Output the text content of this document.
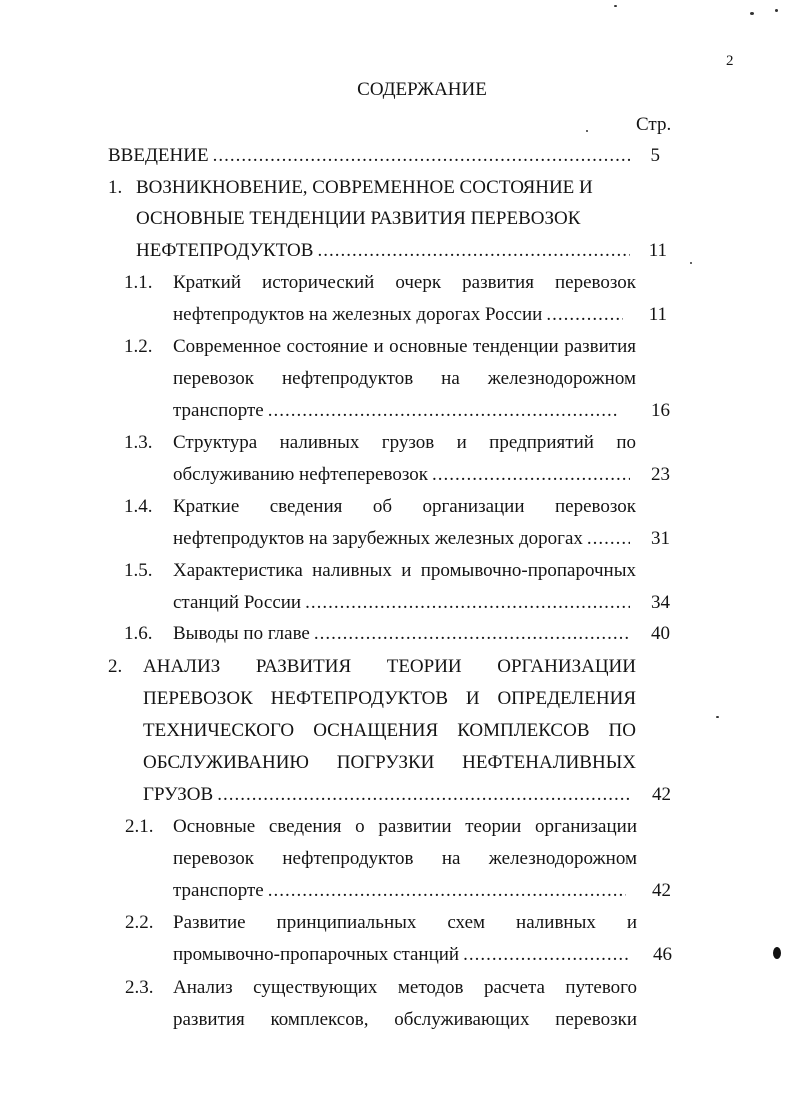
2
СОДЕРЖАНИЕ
Стр.
ВВЕДЕНИЕ .....	5
1. ВОЗНИКНОВЕНИЕ, СОВРЕМЕННОЕ СОСТОЯНИЕ И
ОСНОВНЫЕ ТЕНДЕНЦИИ РАЗВИТИЯ ПЕРЕВОЗОК
НЕФТЕПРОДУКТОВ .....	11
1.1. Краткий исторический очерк развития перевозок
нефтепродуктов на железных дорогах России .....	11
1.2. Современное состояние и основные тенденции развития
перевозок нефтепродуктов на железнодорожном
транспорте .....	16
1.3. Структура наливных грузов и предприятий по
обслуживанию нефтеперевозок .....	23
1.4. Краткие сведения об организации перевозок
нефтепродуктов на зарубежных железных дорогах .....	31
1.5. Характеристика наливных и промывочно-пропарочных
станций России .....	34
1.6. Выводы по главе .....	40
2. АНАЛИЗ РАЗВИТИЯ ТЕОРИИ ОРГАНИЗАЦИИ
ПЕРЕВОЗОК НЕФТЕПРОДУКТОВ И ОПРЕДЕЛЕНИЯ
ТЕХНИЧЕСКОГО ОСНАЩЕНИЯ КОМПЛЕКСОВ ПО
ОБСЛУЖИВАНИЮ ПОГРУЗКИ НЕФТЕНАЛИВНЫХ
ГРУЗОВ .....	42
2.1. Основные сведения о развитии теории организации
перевозок нефтепродуктов на железнодорожном
транспорте .....	42
2.2. Развитие принципиальных схем наливных и
промывочно-пропарочных станций .....	46
2.3. Анализ существующих методов расчета путевого
развития комплексов, обслуживающих перевозки
